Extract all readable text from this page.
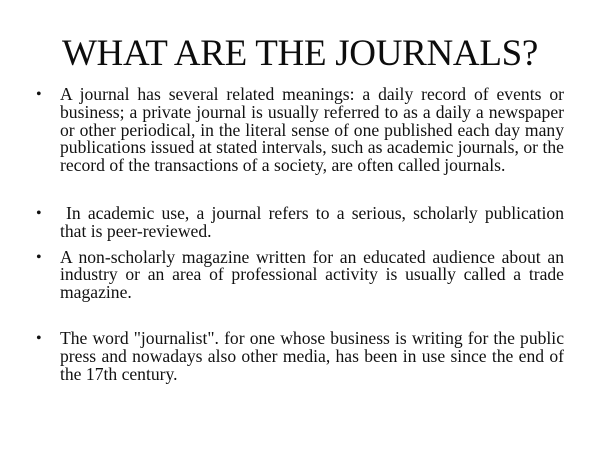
WHAT ARE THE JOURNALS?
• A journal has several related meanings: a daily record of events or business; a private journal is usually referred to as a daily a newspaper or other periodical, in the literal sense of one published each day many publications issued at stated intervals, such as academic journals, or the record of the transactions of a society, are often called journals.
•	In academic use, a journal refers to a serious, scholarly publication that is peer-reviewed.
• A non-scholarly magazine written for an educated audience about an industry or an area of professional activity is usually called a trade magazine.
• The word "journalist". for one whose business is writing for the public press and nowadays also other media, has been in use since the end of the 17th century.
